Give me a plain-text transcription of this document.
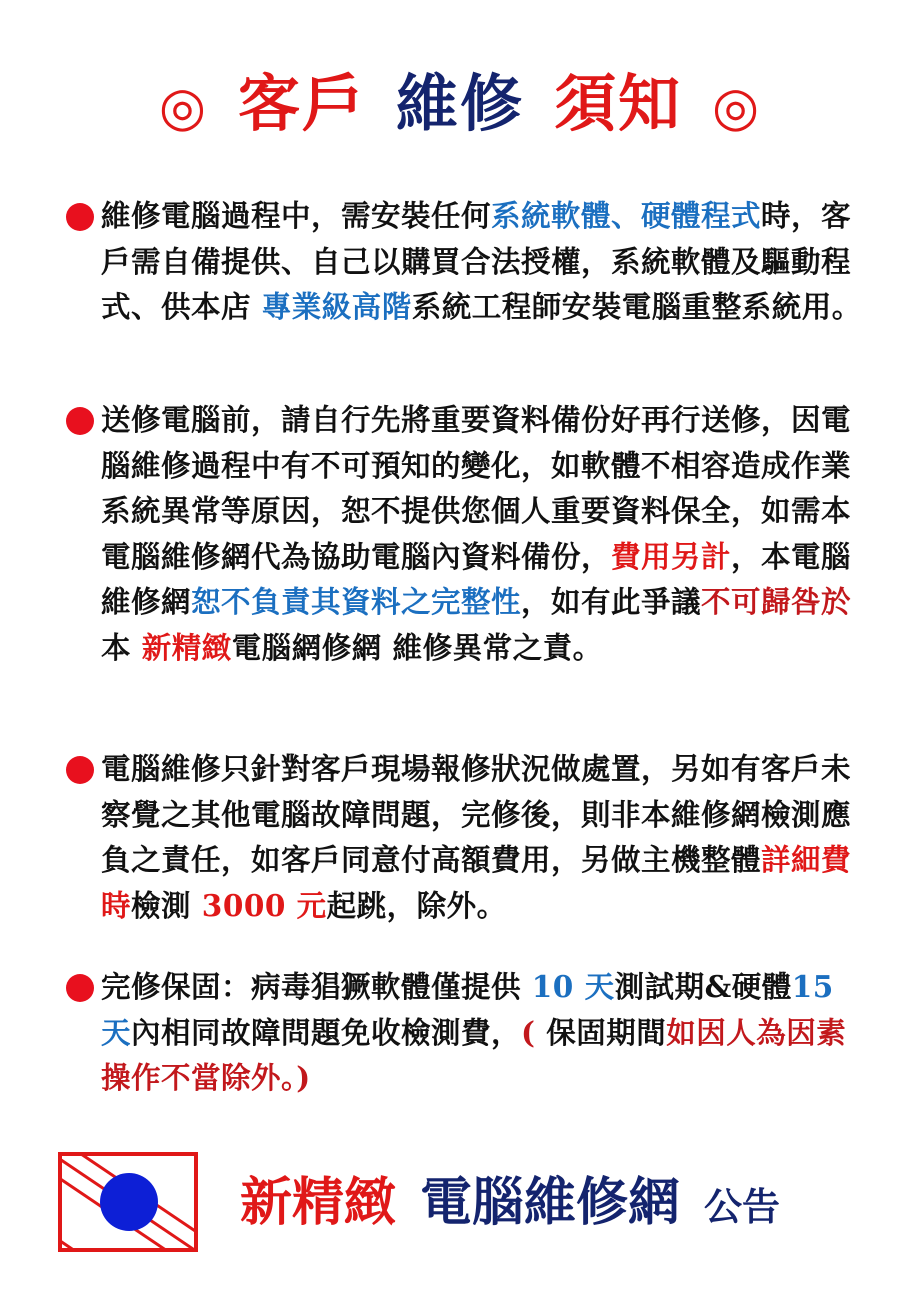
◎ 客戶 維修 須知 ◎
維修電腦過程中，需安裝任何系統軟體、硬體程式時，客戶需自備提供、自己以購買合法授權，系統軟體及驅動程式、供本店 專業級高階系統工程師安裝電腦重整系統用。
送修電腦前，請自行先將重要資料備份好再行送修，因電腦維修過程中有不可預知的變化，如軟體不相容造成作業系統異常等原因，恕不提供您個人重要資料保全，如需本電腦維修網代為協助電腦內資料備份，費用另計，本電腦維修網恕不負責其資料之完整性，如有此爭議不可歸咎於本 新精緻電腦網修網 維修異常之責。
電腦維修只針對客戶現場報修狀況做處置，另如有客戶未察覺之其他電腦故障問題，完修後，則非本維修網檢測應負之責任，如客戶同意付高額費用，另做主機整體詳細費時檢測 3000 元起跳，除外。
完修保固：病毒猖獗軟體僅提供 10 天測試期&硬體15 天內相同故障問題免收檢測費，( 保固期間如因人為因素操作不當除外。)
新精緻 電腦維修網 公告
